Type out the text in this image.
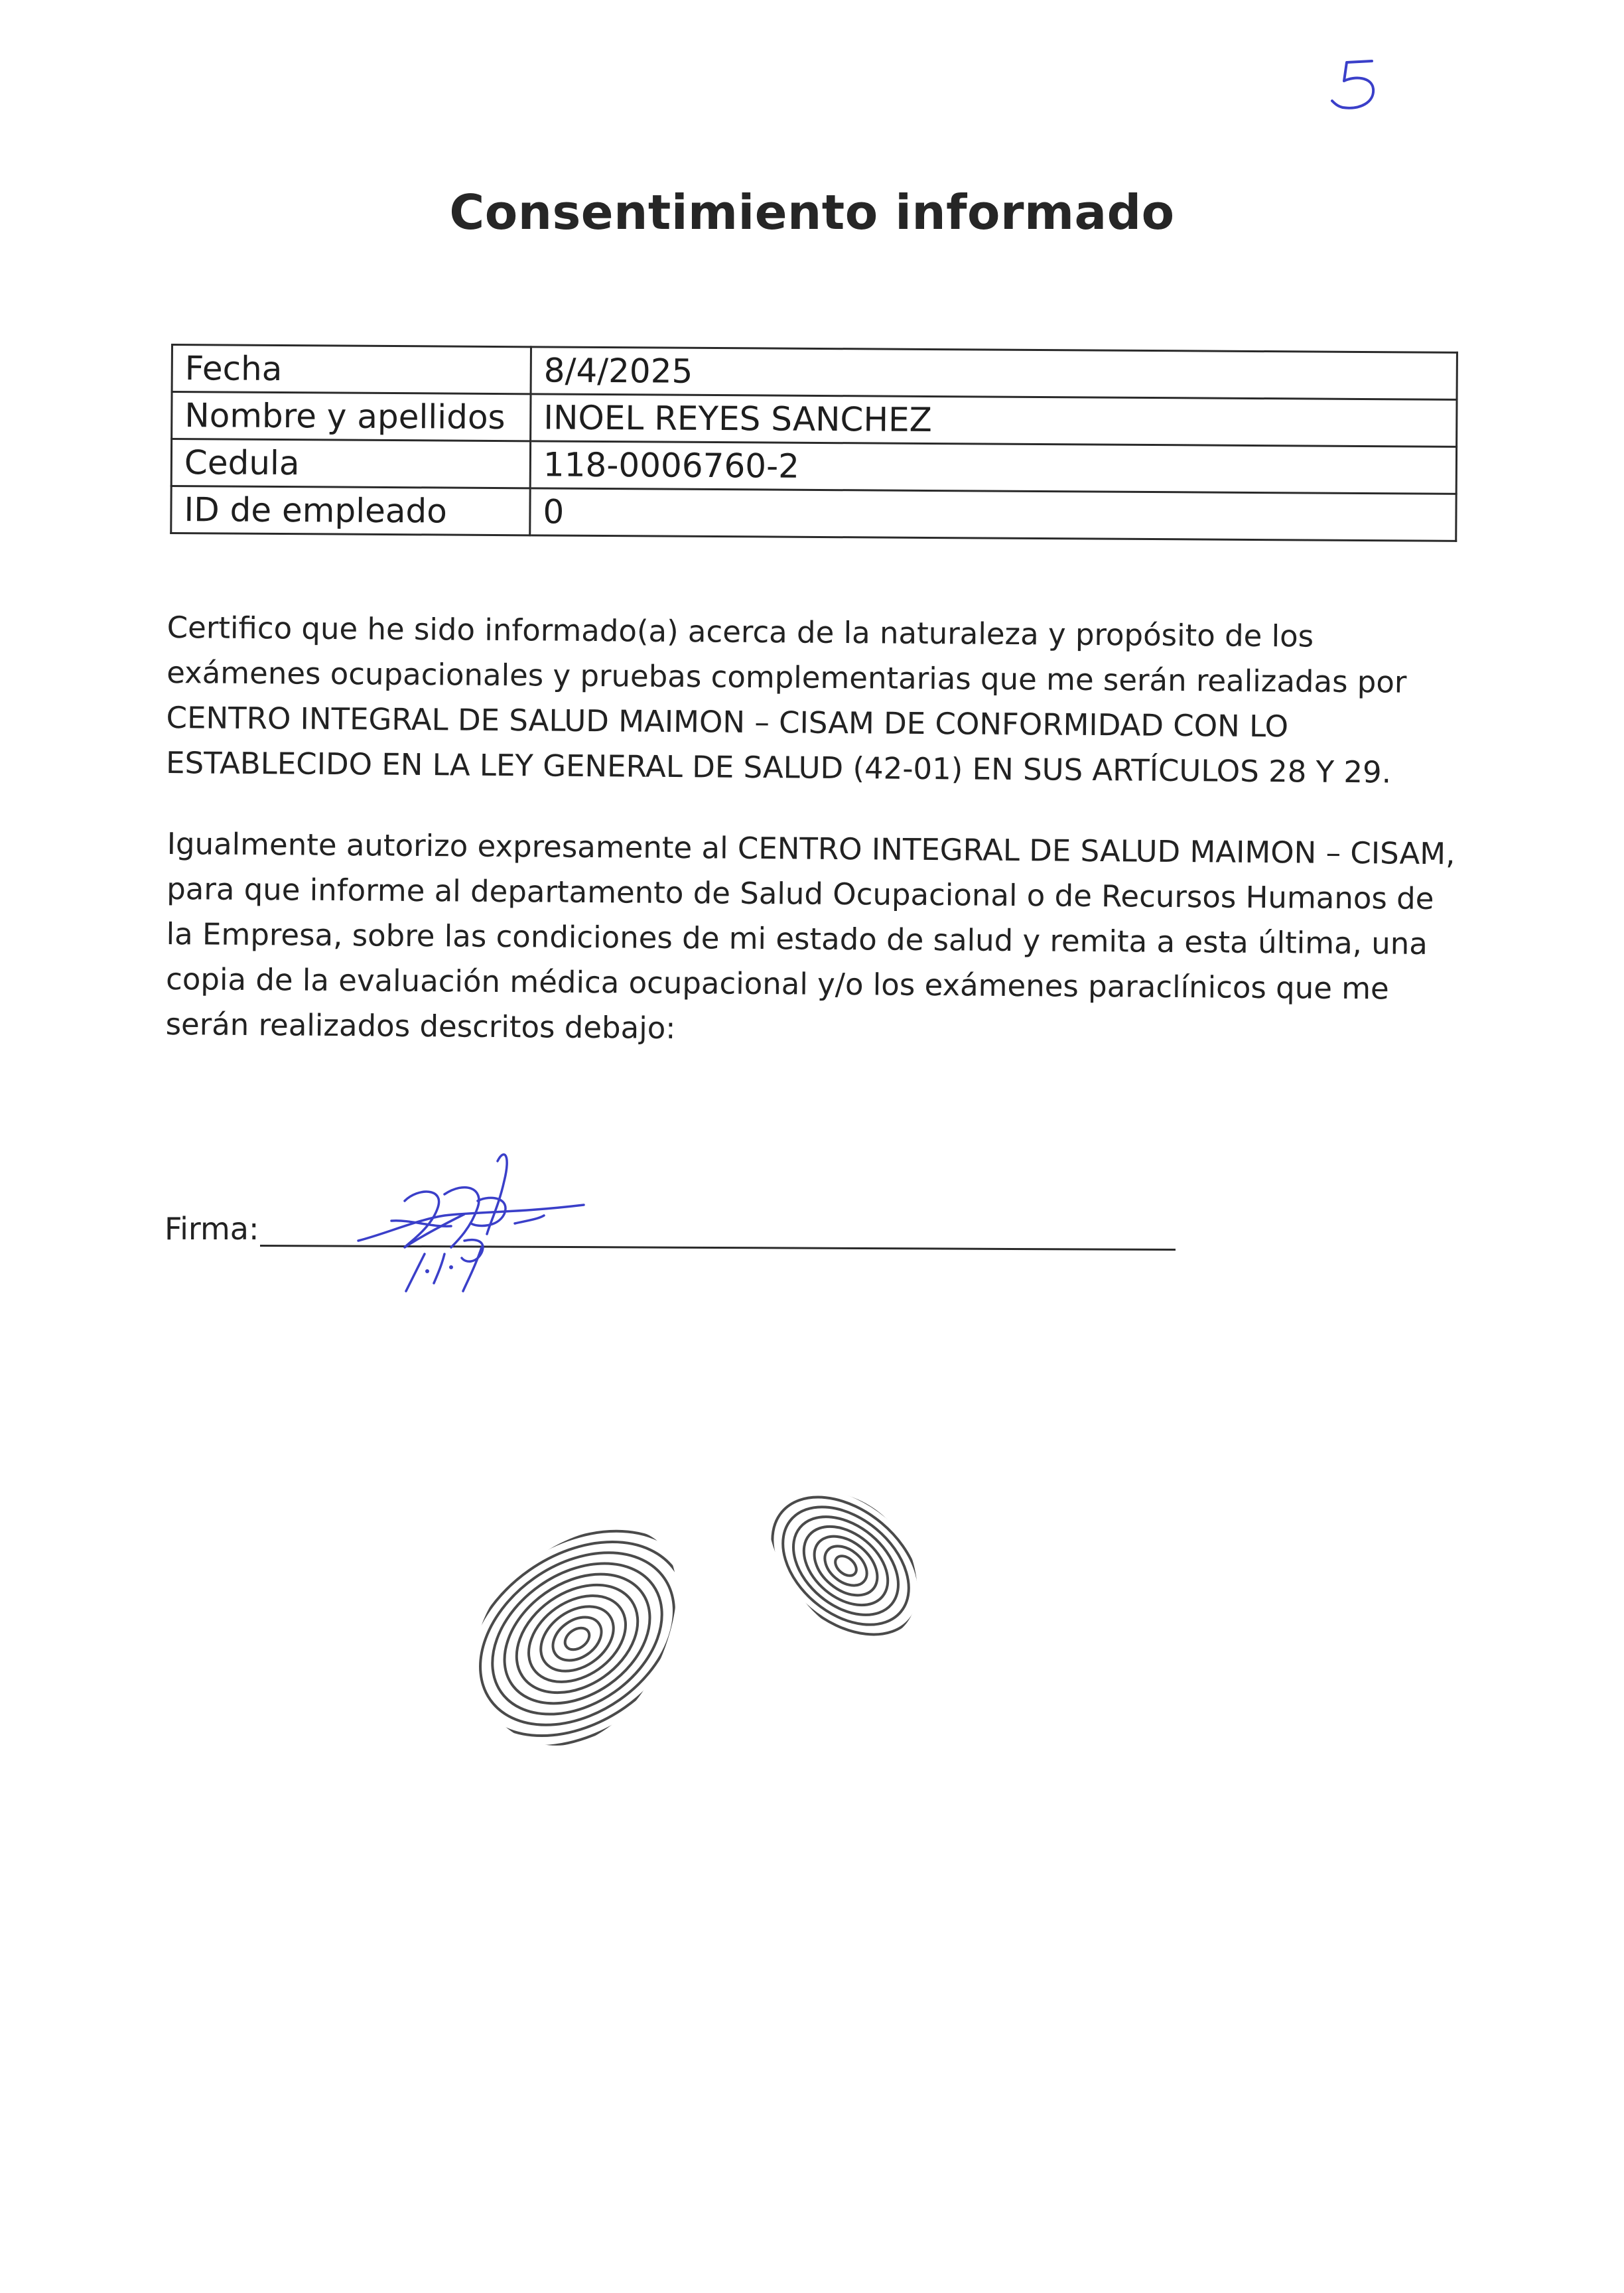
Consentimiento informado
Fecha	8/4/2025
Nombre y apellidos	INOEL REYES SANCHEZ
Cedula	118-0006760-2
ID de empleado	0
Certifico que he sido informado(a) acerca de la naturaleza y propósito de los exámenes ocupacionales y pruebas complementarias que me serán realizadas por CENTRO INTEGRAL DE SALUD MAIMON – CISAM DE CONFORMIDAD CON LO ESTABLECIDO EN LA LEY GENERAL DE SALUD (42-01) EN SUS ARTÍCULOS 28 Y 29.
Igualmente autorizo expresamente al CENTRO INTEGRAL DE SALUD MAIMON – CISAM, para que informe al departamento de Salud Ocupacional o de Recursos Humanos de la Empresa, sobre las condiciones de mi estado de salud y remita a esta última, una copia de la evaluación médica ocupacional y/o los exámenes paraclínicos que me serán realizados descritos debajo:
Firma:
